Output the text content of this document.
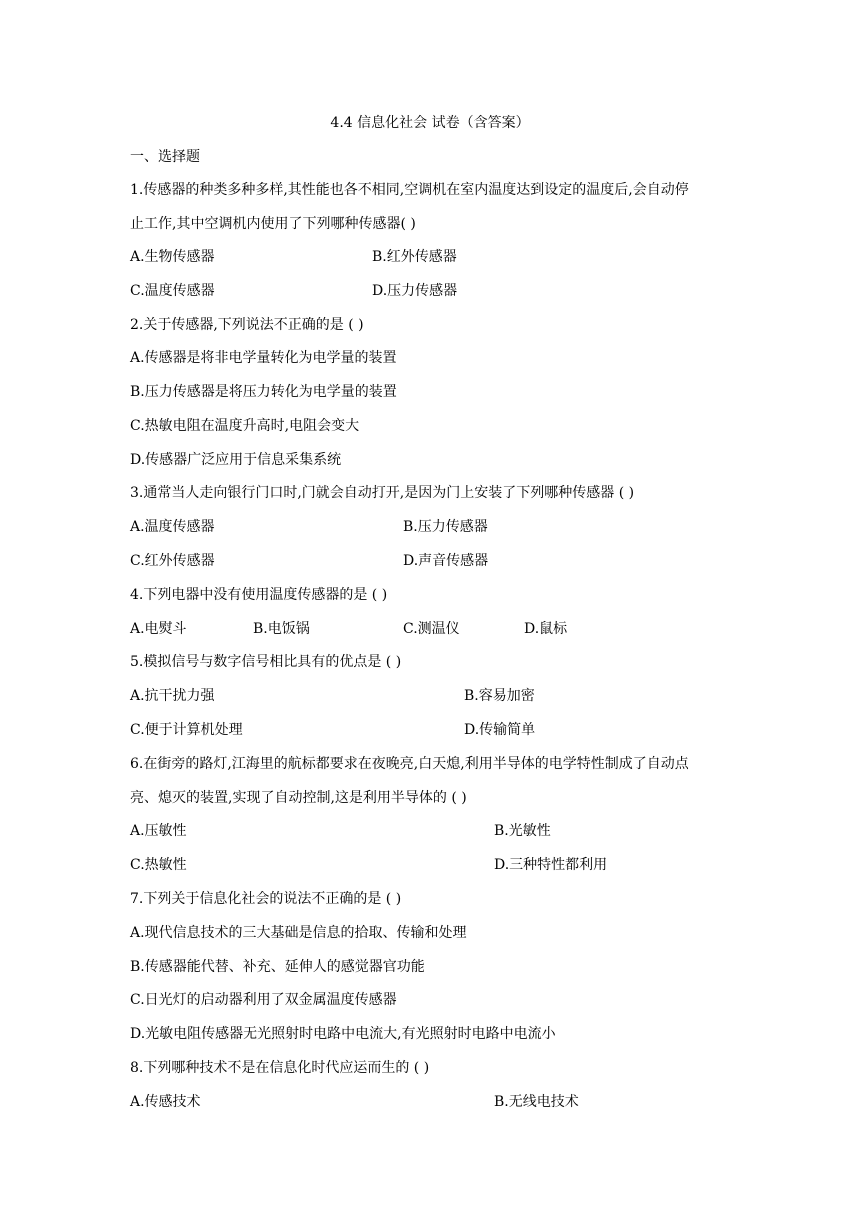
4.4 信息化社会 试卷（含答案）
一、选择题
1.传感器的种类多种多样,其性能也各不相同,空调机在室内温度达到设定的温度后,会自动停
止工作,其中空调机内使用了下列哪种传感器( )
A.生物传感器	B.红外传感器
C.温度传感器	D.压力传感器
2.关于传感器,下列说法不正确的是 ( )
A.传感器是将非电学量转化为电学量的装置
B.压力传感器是将压力转化为电学量的装置
C.热敏电阻在温度升高时,电阻会变大
D.传感器广泛应用于信息采集系统
3.通常当人走向银行门口时,门就会自动打开,是因为门上安装了下列哪种传感器 ( )
A.温度传感器	B.压力传感器
C.红外传感器	D.声音传感器
4.下列电器中没有使用温度传感器的是 ( )
A.电熨斗	B.电饭锅	C.测温仪	D.鼠标
5.模拟信号与数字信号相比具有的优点是 ( )
A.抗干扰力强	B.容易加密
C.便于计算机处理	D.传输简单
6.在街旁的路灯,江海里的航标都要求在夜晚亮,白天熄,利用半导体的电学特性制成了自动点
亮、熄灭的装置,实现了自动控制,这是利用半导体的 ( )
A.压敏性	B.光敏性
C.热敏性	D.三种特性都利用
7.下列关于信息化社会的说法不正确的是 ( )
A.现代信息技术的三大基础是信息的拾取、传输和处理
B.传感器能代替、补充、延伸人的感觉器官功能
C.日光灯的启动器利用了双金属温度传感器
D.光敏电阻传感器无光照射时电路中电流大,有光照射时电路中电流小
8.下列哪种技术不是在信息化时代应运而生的 ( )
A.传感技术	B.无线电技术
